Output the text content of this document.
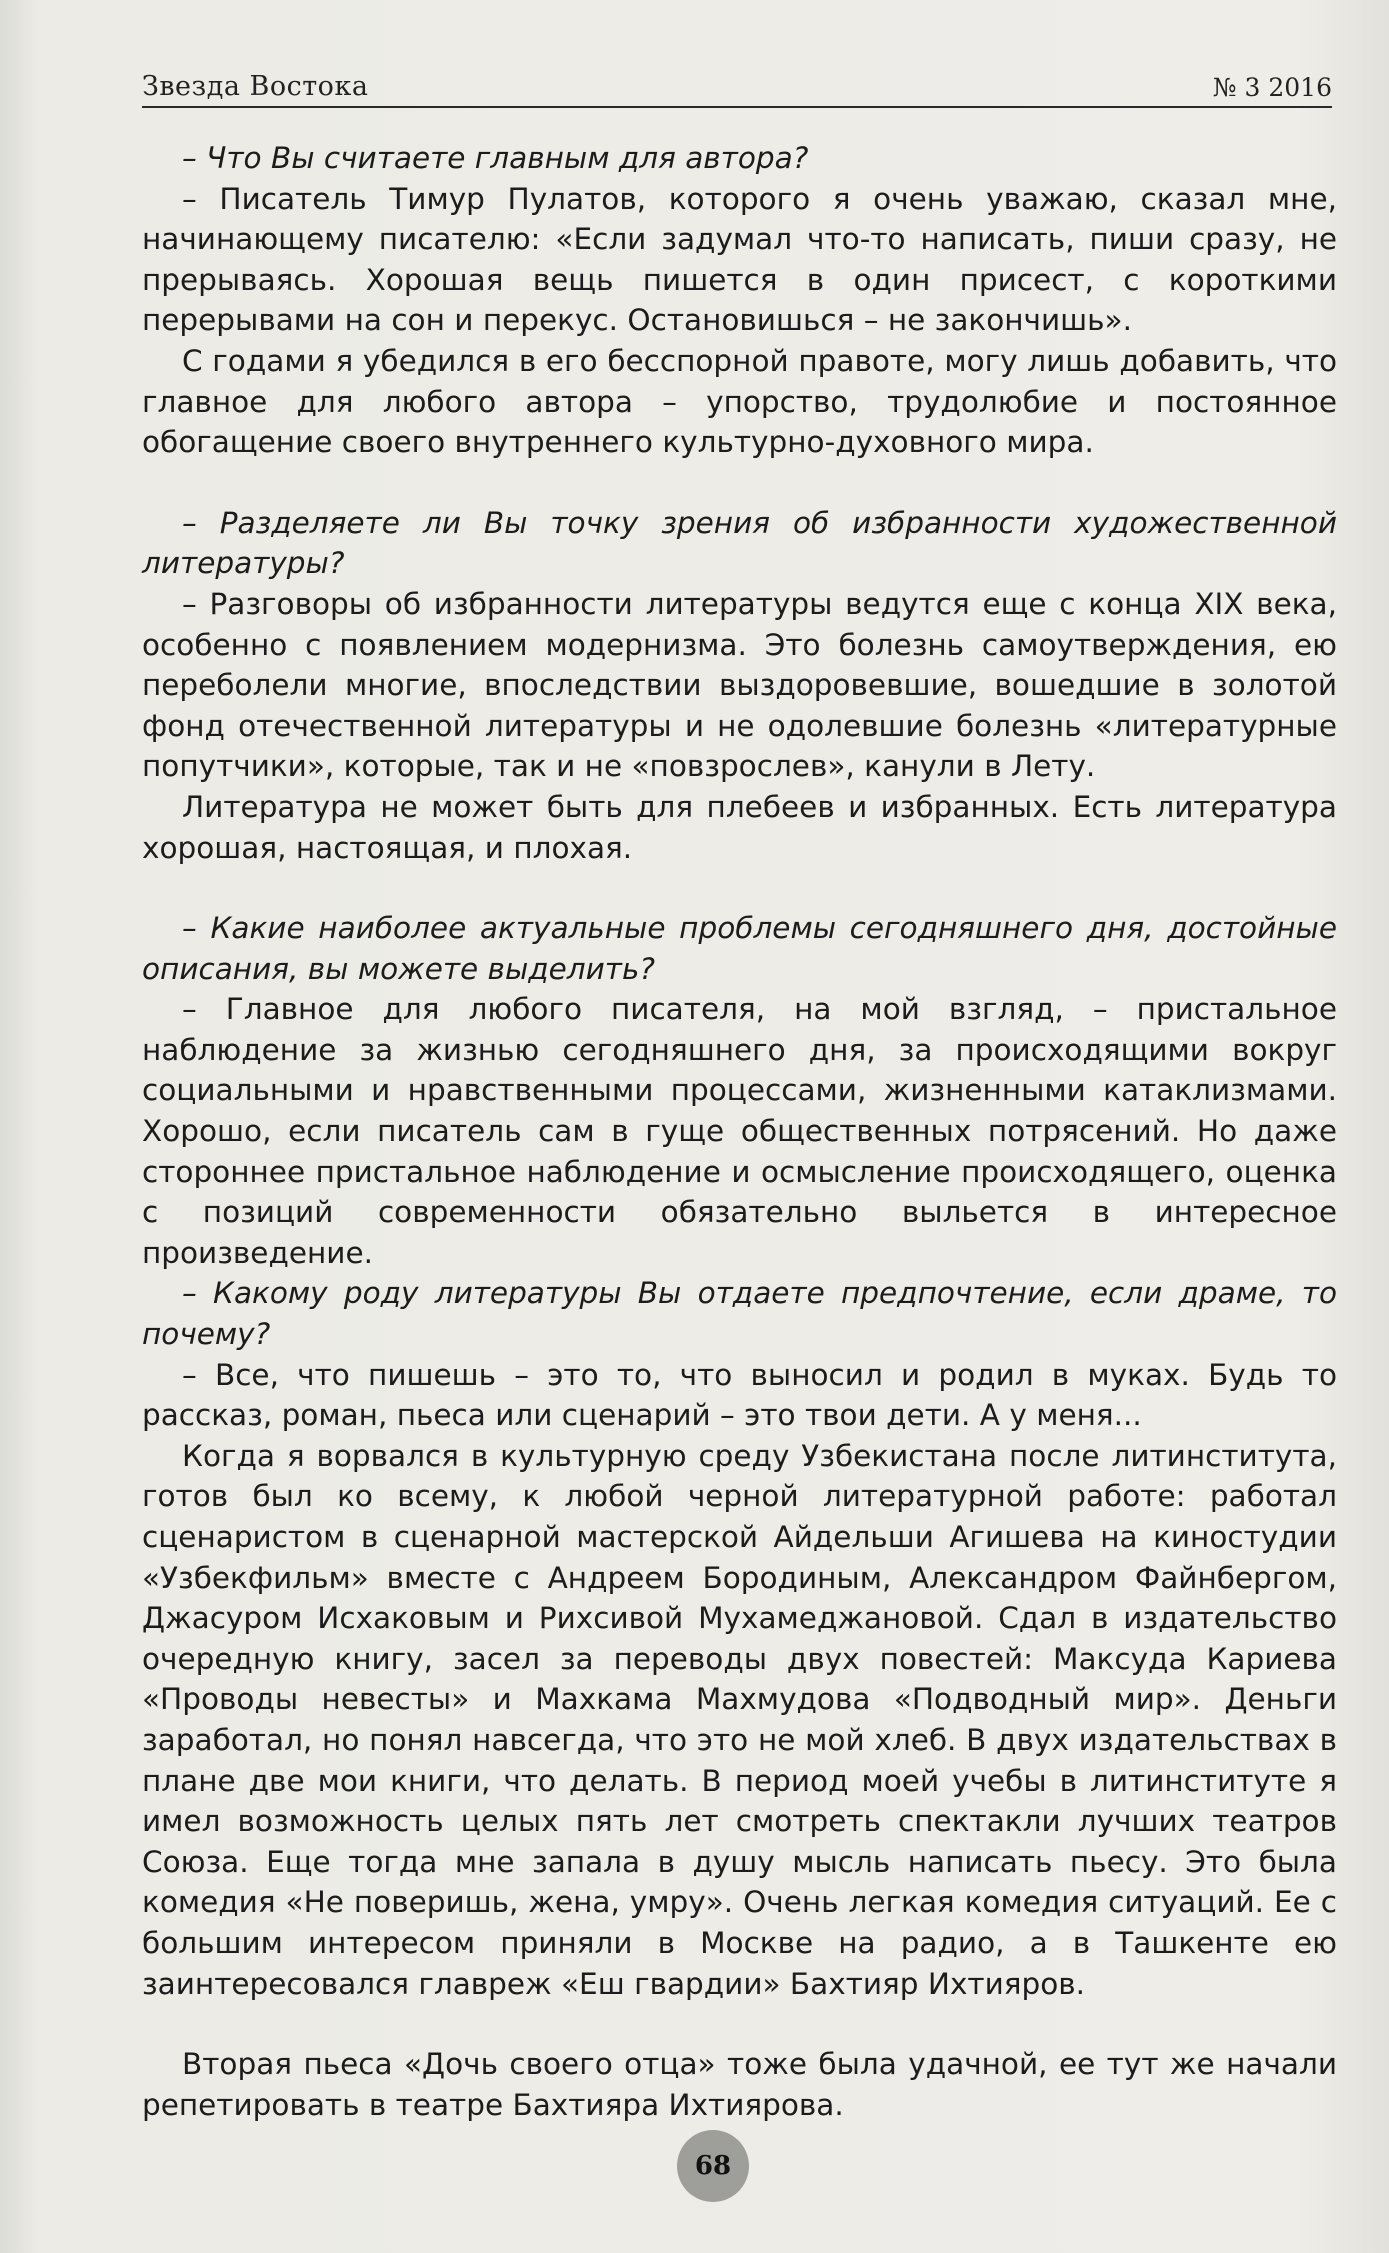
Звезда Востока	№ 3 2016

– Что Вы считаете главным для автора?

– Писатель Тимур Пулатов, которого я очень уважаю, сказал мне, начинающему писателю: «Если задумал что-то написать, пиши сразу, не прерываясь. Хорошая вещь пишется в один присест, с короткими перерывами на сон и перекус. Остановишься – не закончишь».

С годами я убедился в его бесспорной правоте, могу лишь добавить, что главное для любого автора – упорство, трудолюбие и постоянное обогащение своего внутреннего культурно-духовного мира.

– Разделяете ли Вы точку зрения об избранности художественной литературы?

– Разговоры об избранности литературы ведутся еще с конца XIX века, особенно с появлением модернизма. Это болезнь самоутверждения, ею переболели многие, впоследствии выздоровевшие, вошедшие в золотой фонд отечественной литературы и не одолевшие болезнь «литературные попутчики», которые, так и не «повзрослев», канули в Лету.

Литература не может быть для плебеев и избранных. Есть литература хорошая, настоящая, и плохая.

– Какие наиболее актуальные проблемы сегодняшнего дня, достойные описания, вы можете выделить?

– Главное для любого писателя, на мой взгляд, – пристальное наблюдение за жизнью сегодняшнего дня, за происходящими вокруг социальными и нравственными процессами, жизненными катаклизмами. Хорошо, если писатель сам в гуще общественных потрясений. Но даже стороннее пристальное наблюдение и осмысление происходящего, оценка с позиций современности обязательно выльется в интересное произведение.

– Какому роду литературы Вы отдаете предпочтение, если драме, то почему?

– Все, что пишешь – это то, что выносил и родил в муках. Будь то рассказ, роман, пьеса или сценарий – это твои дети. А у меня...

Когда я ворвался в культурную среду Узбекистана после литинститута, готов был ко всему, к любой черной литературной работе: работал сценаристом в сценарной мастерской Айдельши Агишева на киностудии «Узбекфильм» вместе с Андреем Бородиным, Александром Файнбергом, Джасуром Исхаковым и Рихсивой Мухамеджановой. Сдал в издательство очередную книгу, засел за переводы двух повестей: Максуда Кариева «Проводы невесты» и Махкама Махмудова «Подводный мир». Деньги заработал, но понял навсегда, что это не мой хлеб. В двух издательствах в плане две мои книги, что делать. В период моей учебы в литинституте я имел возможность целых пять лет смотреть спектакли лучших театров Союза. Еще тогда мне запала в душу мысль написать пьесу. Это была комедия «Не поверишь, жена, умру». Очень легкая комедия ситуаций. Ее с большим интересом приняли в Москве на радио, а в Ташкенте ею заинтересовался главреж «Еш гвардии» Бахтияр Ихтияров.

Вторая пьеса «Дочь своего отца» тоже была удачной, ее тут же начали репетировать в театре Бахтияра Ихтиярова.

68
